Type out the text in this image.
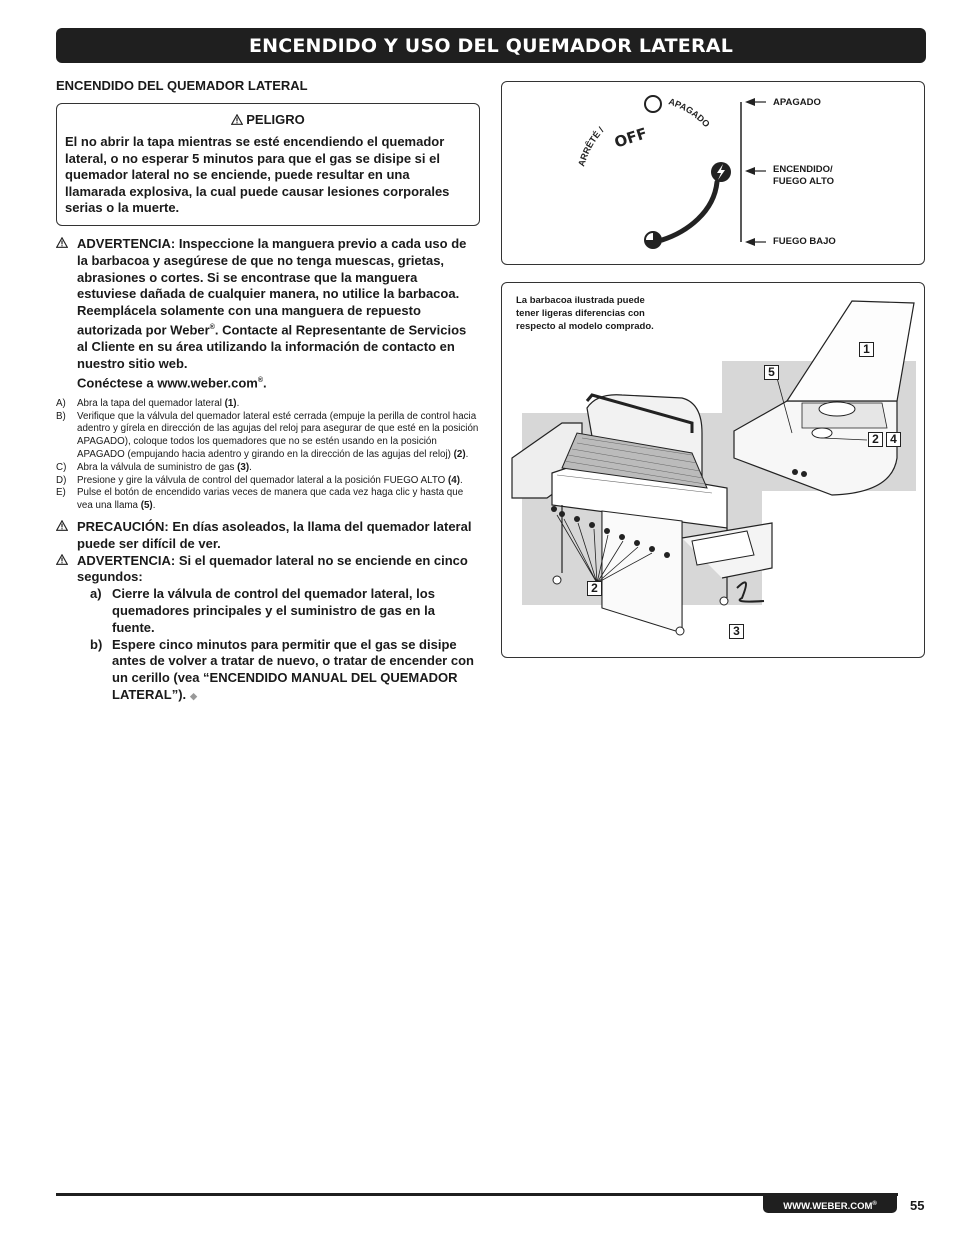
ENCENDIDO Y USO DEL QUEMADOR LATERAL
ENCENDIDO DEL QUEMADOR LATERAL
PELIGRO
El no abrir la tapa mientras se esté encendiendo el quemador lateral, o no esperar 5 minutos para que el gas se disipe si el quemador lateral no se enciende, puede resultar en una llamarada explosiva, la cual puede causar lesiones corporales serias o la muerte.
ADVERTENCIA: Inspeccione la manguera previo a cada uso de la barbacoa y asegúrese de que no tenga muescas, grietas, abrasiones o cortes. Si se encontrase que la manguera estuviese dañada de cualquier manera, no utilice la barbacoa. Reemplácela solamente con una manguera de repuesto autorizada por Weber®. Contacte al Representante de Servicios al Cliente en su área utilizando la información de contacto en nuestro sitio web.
Conéctese a www.weber.com®.
A)	Abra la tapa del quemador lateral (1).
B)	Verifique que la válvula del quemador lateral esté cerrada (empuje la perilla de control hacia adentro y gírela en dirección de las agujas del reloj para asegurar de que esté en la posición APAGADO), coloque todos los quemadores que no se estén usando en la posición APAGADO (empujando hacia adentro y girando en la dirección de las agujas del reloj) (2).
C)	Abra la válvula de suministro de gas (3).
D)	Presione y gire la válvula de control del quemador lateral a la posición FUEGO ALTO (4).
E)	Pulse el botón de encendido varias veces de manera que cada vez haga clic y hasta que vea una llama (5).
PRECAUCIÓN: En días asoleados, la llama del quemador lateral puede ser difícil de ver.
ADVERTENCIA: Si el quemador lateral no se enciende en cinco segundos:
a) Cierre la válvula de control del quemador lateral, los quemadores principales y el suministro de gas en la fuente.
b) Espere cinco minutos para permitir que el gas se disipe antes de volver a tratar de nuevo, o tratar de encender con un cerillo (vea “ENCENDIDO MANUAL DEL QUEMADOR LATERAL”). ◆
ARRÊTÉ / OFF
APAGADO
APAGADO
ENCENDIDO/
FUEGO ALTO
FUEGO BAJO
La barbacoa ilustrada puede tener ligeras diferencias con respecto al modelo comprado.
1
5
2 4
2
3
WWW.WEBER.COM®	55
